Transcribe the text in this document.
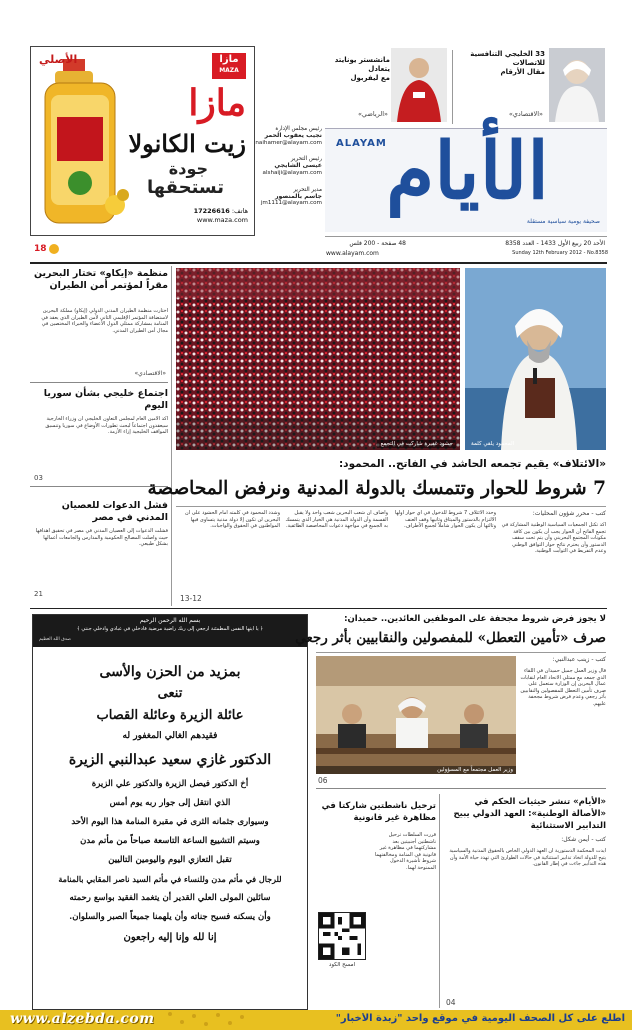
الأصلي	مازا
MAZA
مازا
زيت الكانولا
جودة
تستحقها
هاتف: 17226616
www.maza.com
رئيس مجلس الإدارة
نجيب يعقوب الحمر
naihamer@alayam.com
رئيس التحرير
عيسى الشايجي
alshaiji@alayam.com
مدير التحرير
جاسم بالمنصور
jm1111@alayam.com
33 الخليجي التنافسية للاتصالات
مقال الأرقام
«الاقتصادي»
مانشستر يونايتد يتعادل
مع ليفربول
«الرياضي»
الأيام
ALAYAM
صحيفة يومية سياسية مستقلة
الأحد 20 ربيع الأول 1433 - العدد 8358
Sunday 12th February 2012 - No.8358
48 صفحة - 200 فلس
www.alayam.com
18
منظمة «إيكاو» تختار البحرين مقراً لمؤتمر أمن الطيران
اختارت منظمة الطيران المدني الدولي (إيكاو) مملكة البحرين لاستضافة المؤتمر الإقليمي الثاني لأمن الطيران الذي يعقد في المنامة بمشاركة ممثلي الدول الأعضاء والخبراء المختصين في مجال أمن الطيران المدني.
«الاقتصادي»
اجتماع خليجي بشأن سوريا اليوم
أكد الأمين العام لمجلس التعاون الخليجي أن وزراء الخارجية سيعقدون اجتماعاً لبحث تطورات الأوضاع في سوريا وتنسيق المواقف الخليجية إزاء الأزمة.
03
فشل الدعوات للعصيان المدني في مصر
فشلت الدعوات إلى العصيان المدني في مصر في تحقيق أهدافها حيث واصلت المصالح الحكومية والمدارس والجامعات أعمالها بشكل طبيعي.
21
حشود غفيرة شاركت في التجمع	المحمود يلقي كلمة
«الائتلاف» يقيم تجمعه الحاشد في الفاتح.. المحمود:
7 شروط للحوار وتتمسك بالدولة المدنية ونرفض المحاصصة
كتب - محرر شؤون المحليات:
أكد تكتل الجمعيات السياسية الوطنية المشاركة في تجمع الفاتح أن الحوار يجب أن يكون بين كافة مكونات المجتمع البحريني وأن يتم تحت سقف الدستور وأن يحترم نتائج حوار التوافق الوطني وعدم التفريط في الثوابت الوطنية.
وحدد الائتلاف 7 شروط للدخول في أي حوار أولها الالتزام بالدستور والميثاق وثانيها وقف العنف وثالثها أن يكون الحوار شاملاً لجميع الأطراف.
وأضاف أن شعب البحرين شعب واحد ولا يقبل القسمة وأن الدولة المدنية هي الخيار الذي يتمسك به الجميع في مواجهة دعوات المحاصصة الطائفية.
وشدد المحمود في كلمته أمام الحشود على أن البحرين لن تكون إلا دولة مدنية يتساوى فيها المواطنون في الحقوق والواجبات.
13-12
بسم الله الرحمن الرحيم
﴿ يا أيتها النفس المطمئنة ارجعي إلى ربك راضية مرضية فادخلي في عبادي وادخلي جنتي ﴾
صدق الله العظيم
بمزيد من الحزن والأسى
تنعى
عائلة الزيرة وعائلة القصاب
فقيدهم الغالي المغفور له
الدكتور غازي سعيد عبدالنبي الزيرة
أخ الدكتور فيصل الزيرة والدكتور علي الزيرة
الذي انتقل إلى جوار ربه يوم أمس
وسيوارى جثمانه الثرى في مقبرة المنامة هذا اليوم الأحد
وسيتم التشييع الساعة التاسعة صباحاً من مأتم مدن
تقبل التعازي اليوم واليومين التاليين
للرجال في مأتم مدن وللنساء في مأتم السيد ناصر المقابي بالمنامة
سائلين المولى العلي القدير أن يتغمد الفقيد بواسع رحمته
وأن يسكنه فسيح جناته وأن يلهمنا جميعاً الصبر والسلوان.
إنا لله وإنا إليه راجعون
لا يجوز فرض شروط مجحفة على الموظفين العائدين.. حميدان:
صرف «تأمين التعطل» للمفصولين والنقابيين بأثر رجعي
كتب - زينب عبدالنبي:
قال وزير العمل جميل حميدان في اللقاء الذي جمعه مع ممثلي الاتحاد العام لنقابات عمال البحرين إن الوزارة ستعمل على صرف تأمين التعطل للمفصولين والنقابيين بأثر رجعي وعدم فرض شروط مجحفة عليهم.
وزير العمل مجتمعاً مع المسؤولين
06
«الأيام» تنشر حيثيات الحكم في «الأصالة الوطنية»: العهد الدولي يبيح التدابير الاستثنائية
كتب - أيمن شكل:
أيدت المحكمة الدستورية أن العهد الدولي الخاص بالحقوق المدنية والسياسية يتيح للدولة اتخاذ تدابير استثنائية في حالات الطوارئ التي تهدد حياة الأمة وأن هذه التدابير جاءت في إطار القانون.
04
ترحيل ناشطتين شاركتا في مظاهرة غير قانونية
قررت السلطات ترحيل ناشطتين أجنبيتين بعد مشاركتهما في مظاهرة غير قانونية في المنامة ومخالفتهما شروط تأشيرة الدخول الممنوحة لهما.
امسح الكود
www.alzebda.com	اطلع على كل الصحف اليومية في موقع واحد "زبدة الأخبار"
